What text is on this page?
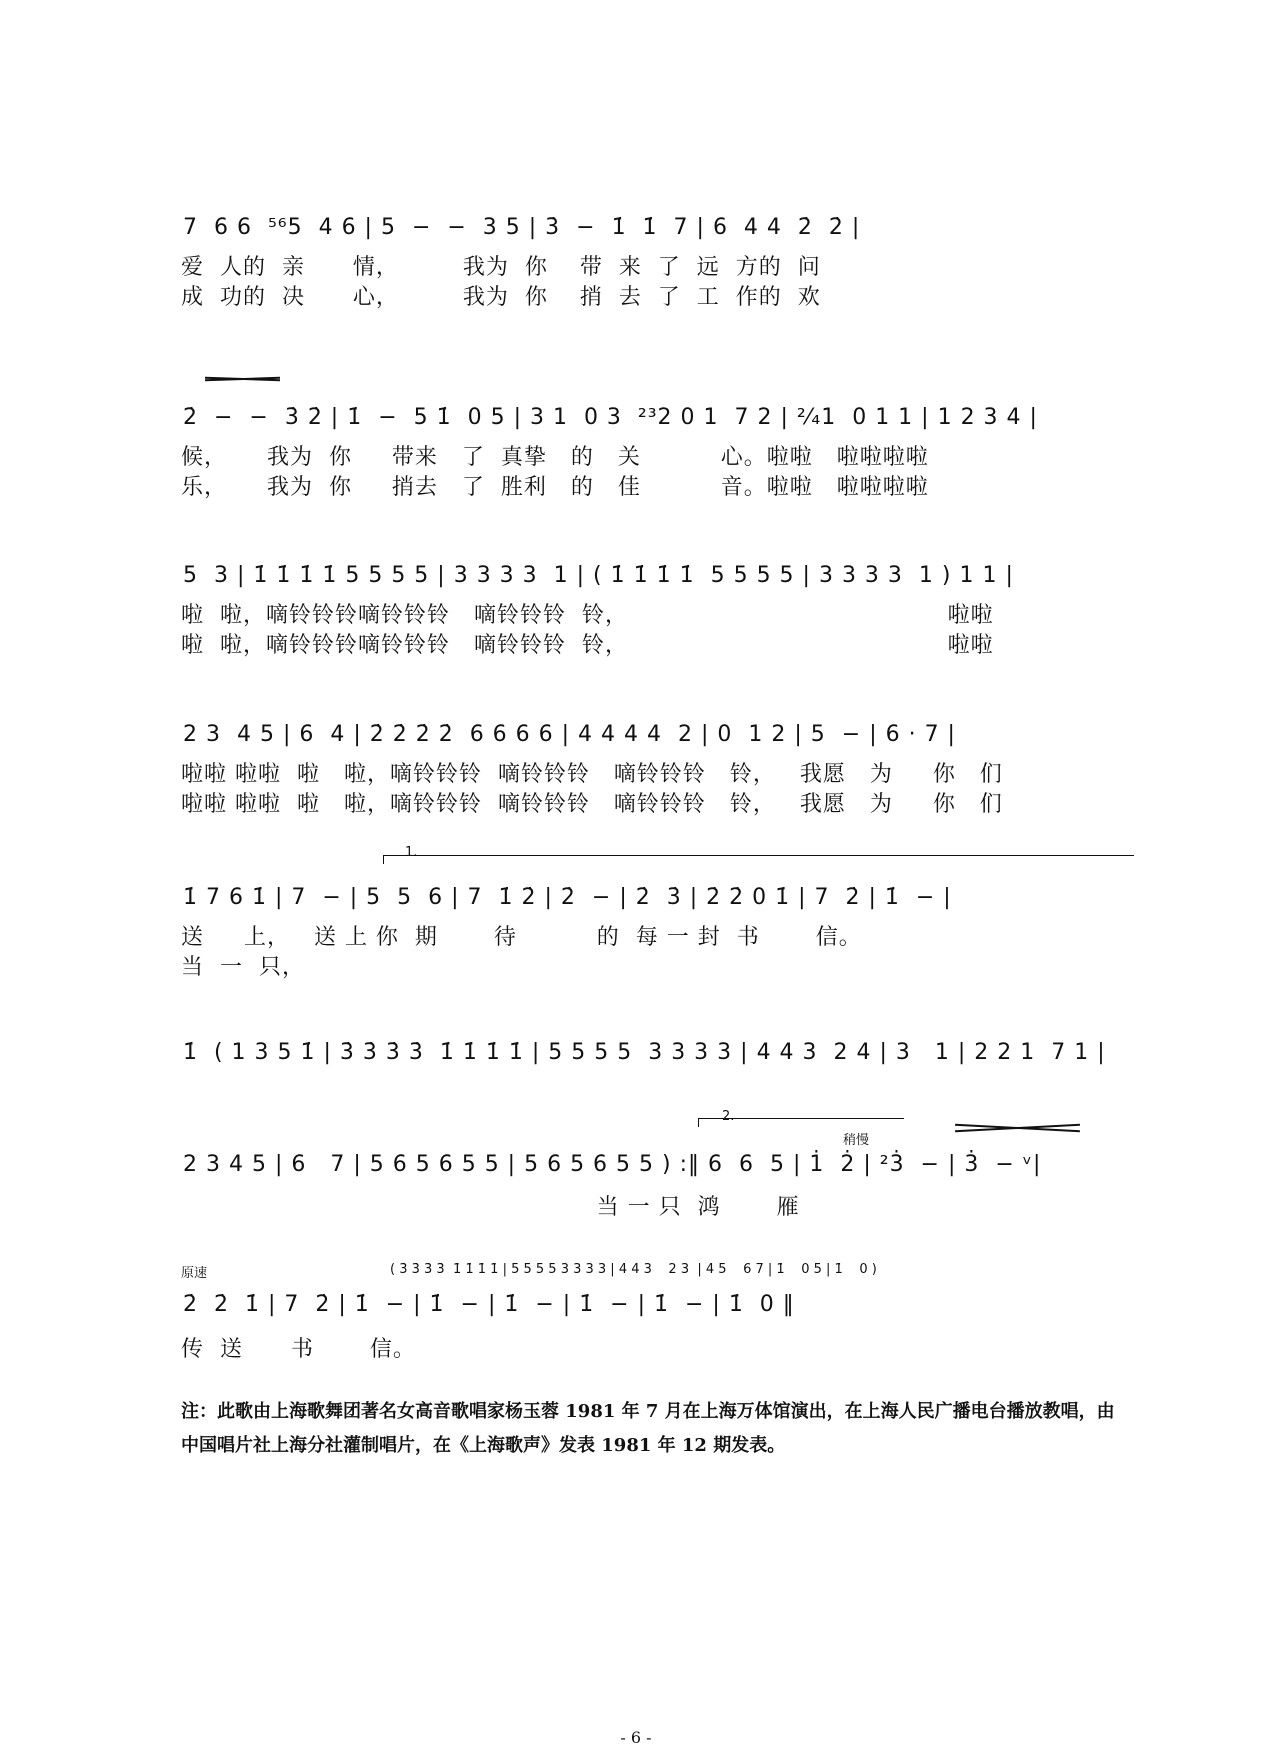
7  6 6  ⁵⁶5  4 6 | 5  −  −  3 5 | 3̇  −  1̇  1̇  7 | 6  4 4  2̇  2̇ |
爱  人的  亲      情，        我为  你    带  来  了  远  方的  问
成  功的  决      心，        我为  你    捎  去  了  工  作的  欢
2̇  −  −  3̇ 2̇ | 1̇  −  5 1̇  0 5 | 3 1  0 3  ²³2 0 1  7 2 | ²⁄₄1  0 1 1 | 1 2 3 4 |
候，     我为  你     带来   了  真挚   的   关          心。啦啦   啦啦啦啦
乐，     我为  你     捎去   了  胜利   的   佳          音。啦啦   啦啦啦啦
5  3 | 1̇ 1̇ 1̇ 1̇ 5 5 5 5 | 3 3 3 3  1 | ( 1̇ 1̇ 1̇ 1̇  5 5 5 5 | 3 3 3 3  1 ) 1 1 |
啦  啦，嘀铃铃铃嘀铃铃铃   嘀铃铃铃  铃，                                        啦啦
啦  啦，嘀铃铃铃嘀铃铃铃   嘀铃铃铃  铃，                                        啦啦
2 3  4 5 | 6  4 | 2̇ 2̇ 2̇ 2̇  6 6 6 6 | 4 4 4 4  2 | 0  1 2 | 5  − | 6 · 7 |
啦啦 啦啦  啦   啦，嘀铃铃铃  嘀铃铃铃   嘀铃铃铃   铃，   我愿   为     你   们
啦啦 啦啦  啦   啦，嘀铃铃铃  嘀铃铃铃   嘀铃铃铃   铃，   我愿   为     你   们
1.
1̇ 7 6 1̇ | 7  − | 5  5  6 | 7  1̇ 2̇ | 2̇  − | 2̇  3̇ | 2̇ 2̇ 0 1̇ | 7  2̇ | 1̇  − |
送     上，   送 上 你  期       待          的  每 一 封  书       信。
当  一  只，
1̇  ( 1 3 5 1̇ | 3̇ 3̇ 3̇ 3̇  1̇ 1̇ 1̇ 1̇ | 5 5 5 5  3 3 3 3 | 4 4 3  2 4 | 3   1 | 2 2 1  7 1 |
2.
稍慢
2 3 4 5 | 6   7 | 5 6 5 6 5 5 | 5 6 5 6 5 5 ) :‖ 6  6  5 | 1̇  2̇ | ²3̇  − | 3̇  − ᵛ|
当 一 只  鸿       雁
原速	( 3̇ 3̇ 3̇ 3̇  1̇ 1̇ 1̇ 1̇ | 5 5 5 5 3 3 3 3 | 4 4 3    2 3  | 4 5    6 7 | 1̇    0 5 | 1̇    0 )
2̇  2̇  1̇ | 7  2̇ | 1̇  − | 1̇  − | 1̇  − | 1̇  − | 1̇  − | 1̇  0 ‖
传  送      书       信。
注：此歌由上海歌舞团著名女高音歌唱家杨玉蓉 1981 年 7 月在上海万体馆演出，在上海人民广播电台播放教唱，由中国唱片社上海分社灌制唱片，在《上海歌声》发表 1981 年 12 期发表。
- 6 -
